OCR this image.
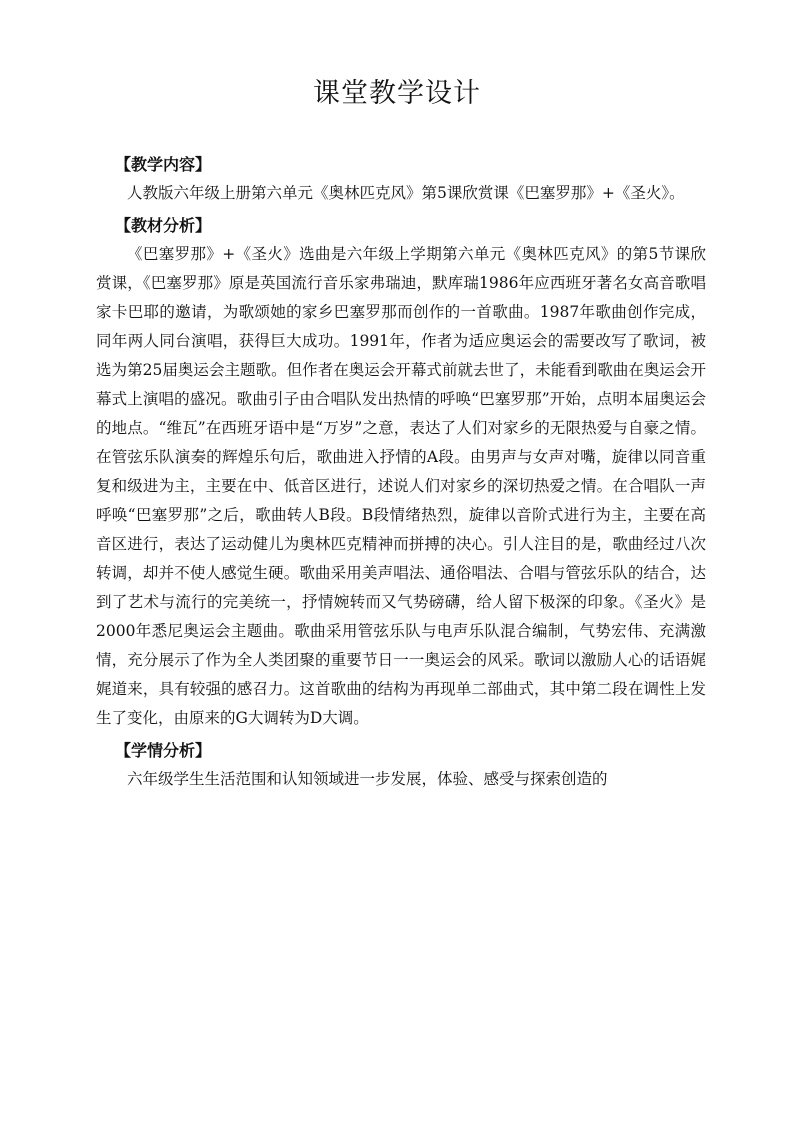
课堂教学设计
【教学内容】

人教版六年级上册第六单元《奥林匹克风》第5课欣赏课《巴塞罗那》+《圣火》。

【教材分析】

《巴塞罗那》+《圣火》选曲是六年级上学期第六单元《奥林匹克风》的第5节课欣赏课，《巴塞罗那》原是英国流行音乐家弗瑞迪，默库瑞1986年应西班牙著名女高音歌唱家卡巴耶的邀请，为歌颂她的家乡巴塞罗那而创作的一首歌曲。1987年歌曲创作完成，同年两人同台演唱，获得巨大成功。1991年，作者为适应奥运会的需要改写了歌词，被选为第25届奥运会主题歌。但作者在奥运会开幕式前就去世了，未能看到歌曲在奥运会开幕式上演唱的盛况。歌曲引子由合唱队发出热情的呼唤“巴塞罗那”开始，点明本届奥运会的地点。“维瓦”在西班牙语中是“万岁”之意，表达了人们对家乡的无限热爱与自豪之情。在管弦乐队演奏的辉煌乐句后，歌曲进入抒情的A段。由男声与女声对嘴，旋律以同音重复和级进为主，主要在中、低音区进行，述说人们对家乡的深切热爱之情。在合唱队一声呼唤“巴塞罗那”之后，歌曲转人B段。B段情绪热烈，旋律以音阶式进行为主，主要在高音区进行，表达了运动健儿为奥林匹克精神而拼搏的决心。引人注目的是，歌曲经过八次转调，却并不使人感觉生硬。歌曲采用美声唱法、通俗唱法、合唱与管弦乐队的结合，达到了艺术与流行的完美统一，抒情婉转而又气势磅礴，给人留下极深的印象。《圣火》是2000年悉尼奥运会主题曲。歌曲采用管弦乐队与电声乐队混合编制，气势宏伟、充满激情，充分展示了作为全人类团聚的重要节日一一奥运会的风采。歌词以激励人心的话语娓娓道来，具有较强的感召力。这首歌曲的结构为再现单二部曲式，其中第二段在调性上发生了变化，由原来的G大调转为D大调。

【学情分析】

六年级学生生活范围和认知领域进一步发展，体验、感受与探索创造的
